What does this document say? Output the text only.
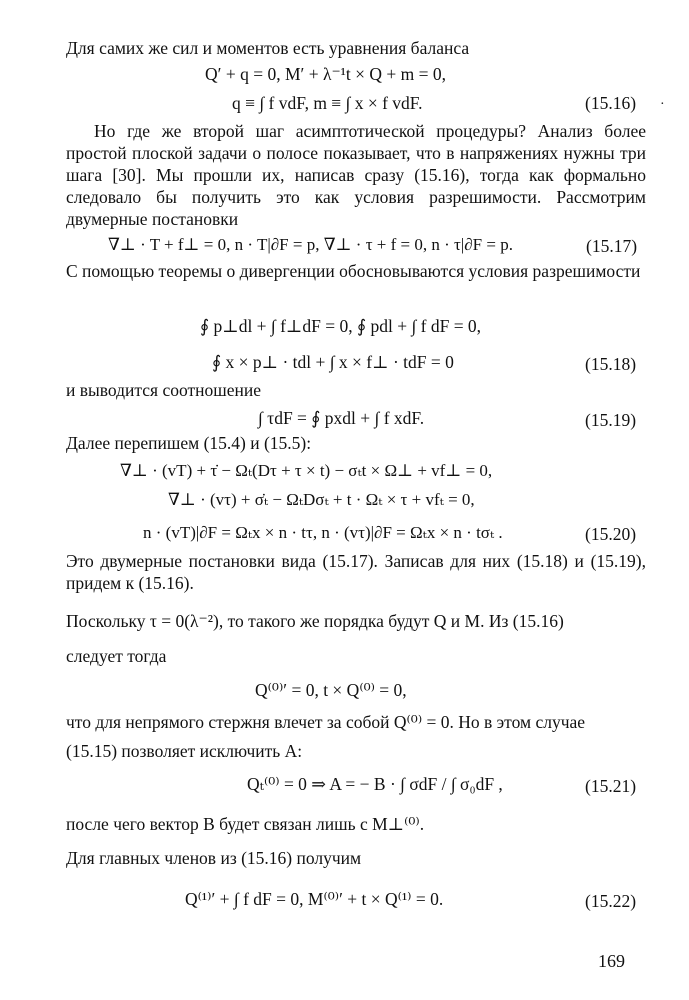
Для самих же сил и моментов есть уравнения баланса
Q′ + q = 0, M′ + λ⁻¹t × Q + m = 0,
q ≡ ∫ f vdF, m ≡ ∫ x × f vdF.	(15.16) ·
Но где же второй шаг асимптотической процедуры? Анализ более простой плоской задачи о полосе показывает, что в напряжениях нужны три шага [30]. Мы прошли их, написав сразу (15.16), тогда как формально следовало бы получить это как условия разрешимости. Рассмотрим двумерные постановки
∇⊥ · T + f⊥ = 0, n · T|∂F = p, ∇⊥ · τ + f = 0, n · τ|∂F = p.	(15.17)
С помощью теоремы о дивергенции обосновываются условия разрешимости
∮ p⊥dl + ∫ f⊥dF = 0, ∮ pdl + ∫ f dF = 0,
∮ x × p⊥ · tdl + ∫ x × f⊥ · tdF = 0	(15.18)
и выводится соотношение
∫ τdF = ∮ pxdl + ∫ f xdF.	(15.19)
Далее перепишем (15.4) и (15.5):
∇⊥ · (vT) + τ̇ − Ωₜ(Dτ + τ × t) − σₜt × Ω⊥ + vf⊥ = 0,
∇⊥ · (vτ) + σ̇ₜ − ΩₜDσₜ + t · Ωₜ × τ + vfₜ = 0,
n · (vT)|∂F = Ωₜx × n · tτ, n · (vτ)|∂F = Ωₜx × n · tσₜ .	(15.20)
Это двумерные постановки вида (15.17). Записав для них (15.18) и (15.19), придем к (15.16).
Поскольку τ = 0(λ⁻²), то такого же порядка будут Q и M. Из (15.16)
следует тогда
Q⁽⁰⁾′ = 0, t × Q⁽⁰⁾ = 0,
что для непрямого стержня влечет за собой Q⁽⁰⁾ = 0. Но в этом случае
(15.15) позволяет исключить A:
Qₜ⁽⁰⁾ = 0 ⇒ A = − B · ∫ σdF / ∫ σ₀dF ,	(15.21)
после чего вектор B будет связан лишь с M⊥⁽⁰⁾.
Для главных членов из (15.16) получим
Q⁽¹⁾′ + ∫ f dF = 0, M⁽⁰⁾′ + t × Q⁽¹⁾ = 0.	(15.22)
169
